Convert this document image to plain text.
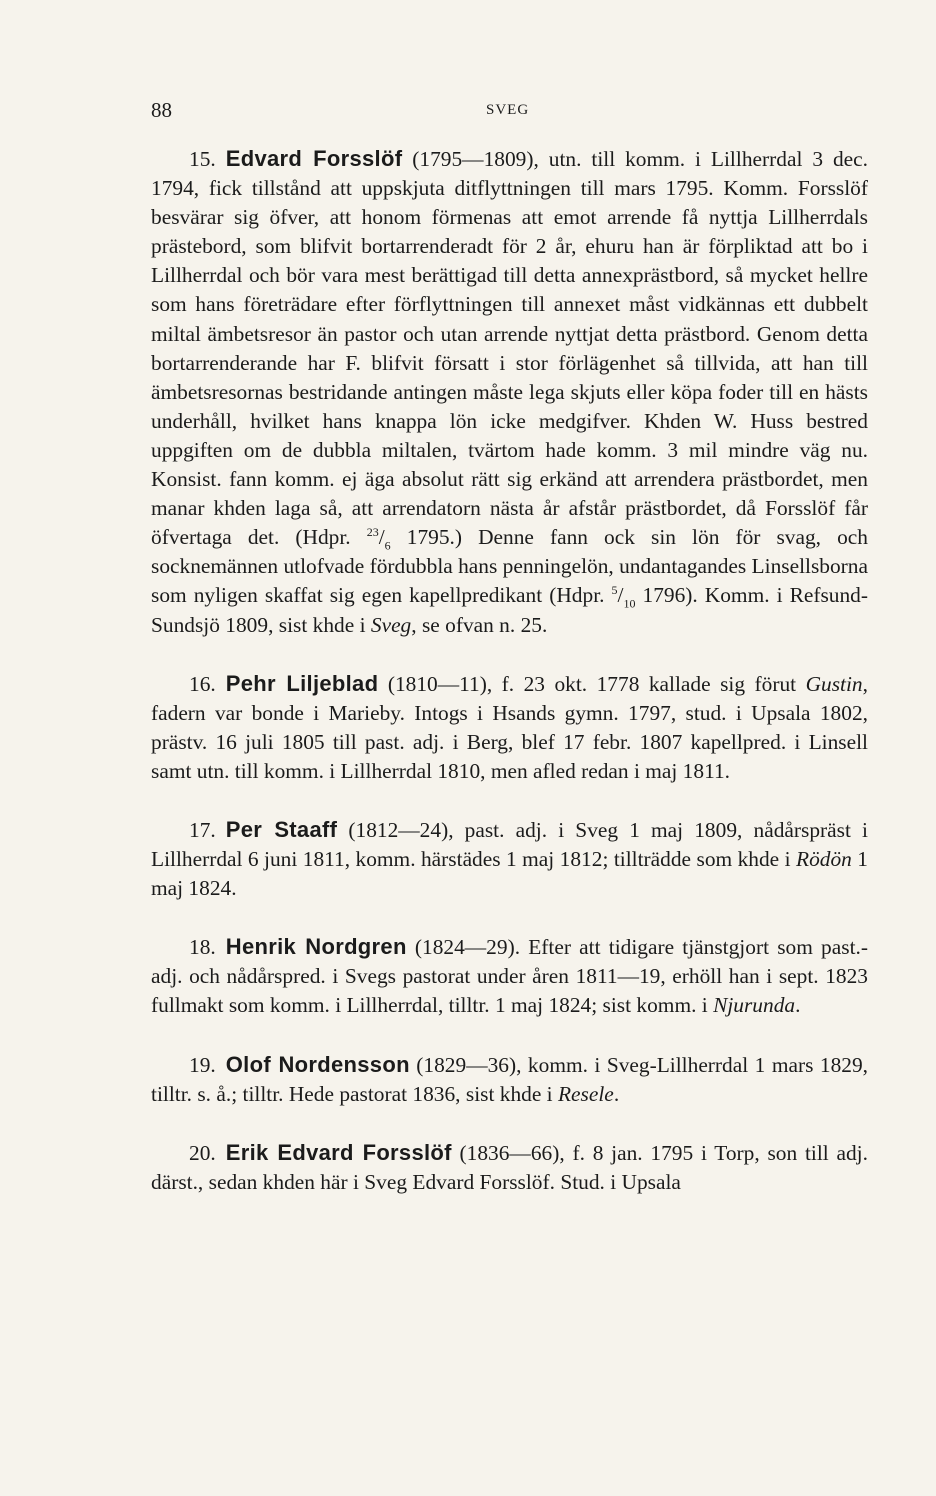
88	SVEG

15. Edvard Forsslöf (1795—1809), utn. till komm. i Lillherrdal 3 dec. 1794, fick tillstånd att uppskjuta ditflyttningen till mars 1795. Komm. Forsslöf besvärar sig öfver, att honom förmenas att emot arrende få nyttja Lillherrdals prästebord, som blifvit bortarrenderadt för 2 år, ehuru han är förpliktad att bo i Lillherrdal och bör vara mest berättigad till detta annexprästbord, så mycket hellre som hans företrädare efter förflyttningen till annexet måst vidkännas ett dubbelt miltal ämbetsresor än pastor och utan arrende nyttjat detta prästbord. Genom detta bortarrenderande har F. blifvit försatt i stor förlägenhet så tillvida, att han till ämbetsresornas bestridande antingen måste lega skjuts eller köpa foder till en hästs underhåll, hvilket hans knappa lön icke medgifver. Khden W. Huss bestred uppgiften om de dubbla miltalen, tvärtom hade komm. 3 mil mindre väg nu. Konsist. fann komm. ej äga absolut rätt sig erkänd att arrendera prästbordet, men manar khden laga så, att arrendatorn nästa år afstår prästbordet, då Forsslöf får öfvertaga det. (Hdpr. $^{23}/_6$ 1795.) Denne fann ock sin lön för svag, och socknemännen utlofvade fördubbla hans penningelön, undantagandes Linsellsborna som nyligen skaffat sig egen kapellpredikant (Hdpr. $^5/_{10}$ 1796). Komm. i Refsund-Sundsjö 1809, sist khde i Sveg, se ofvan n. 25.

16. Pehr Liljeblad (1810—11), f. 23 okt. 1778 kallade sig förut Gustin, fadern var bonde i Marieby. Intogs i Hsands gymn. 1797, stud. i Upsala 1802, prästv. 16 juli 1805 till past. adj. i Berg, blef 17 febr. 1807 kapellpred. i Linsell samt utn. till komm. i Lillherrdal 1810, men afled redan i maj 1811.

17. Per Staaff (1812—24), past. adj. i Sveg 1 maj 1809, nådårspräst i Lillherrdal 6 juni 1811, komm. härstädes 1 maj 1812; tillträdde som khde i Rödön 1 maj 1824.

18. Henrik Nordgren (1824—29). Efter att tidigare tjänstgjort som past.-adj. och nådårspred. i Svegs pastorat under åren 1811—19, erhöll han i sept. 1823 fullmakt som komm. i Lillherrdal, tilltr. 1 maj 1824; sist komm. i Njurunda.

19. Olof Nordensson (1829—36), komm. i Sveg-Lillherrdal 1 mars 1829, tilltr. s. å.; tilltr. Hede pastorat 1836, sist khde i Resele.

20. Erik Edvard Forsslöf (1836—66), f. 8 jan. 1795 i Torp, son till adj. därst., sedan khden här i Sveg Edvard Forsslöf. Stud. i Upsala
